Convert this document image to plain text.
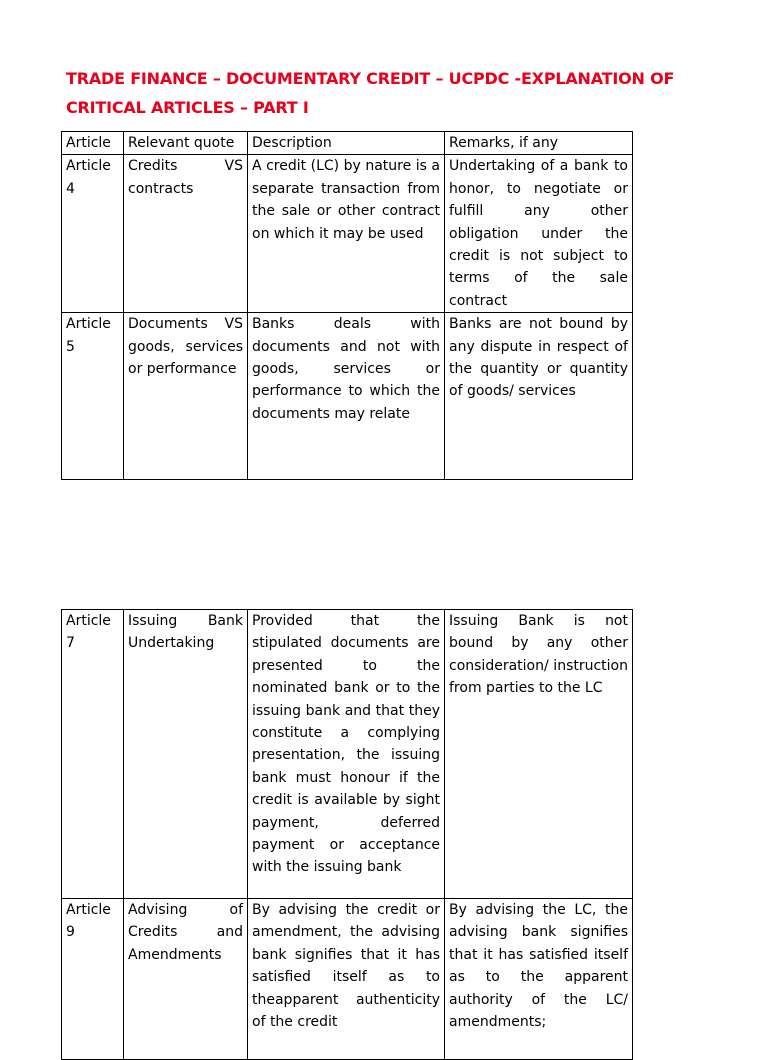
TRADE FINANCE – DOCUMENTARY CREDIT – UCPDC -EXPLANATION OF CRITICAL ARTICLES – PART I
Article	Relevant quote	Description	Remarks, if any
Article 4	Credits VS contracts	A credit (LC) by nature is a separate transaction from the sale or other contract on which it may be used	Undertaking of a bank to honor, to negotiate or fulfill any other obligation under the credit is not subject to terms of the sale contract
Article 5	Documents VS goods, services or performance	Banks deals with documents and not with goods, services or performance to which the documents may relate	Banks are not bound by any dispute in respect of the quantity or quantity of goods/ services
Article 7	Issuing Bank Undertaking	Provided that the stipulated documents are presented to the nominated bank or to the issuing bank and that they constitute a complying presentation, the issuing bank must honour if the credit is available by sight payment, deferred payment or acceptance with the issuing bank	Issuing Bank is not bound by any other consideration/ instruction from parties to the LC
Article 9	Advising of Credits and Amendments	By advising the credit or amendment, the advising bank signifies that it has satisfied itself as to theapparent authenticity of the credit	By advising the LC, the advising bank signifies that it has satisfied itself as to the apparent authority of the LC/ amendments;
